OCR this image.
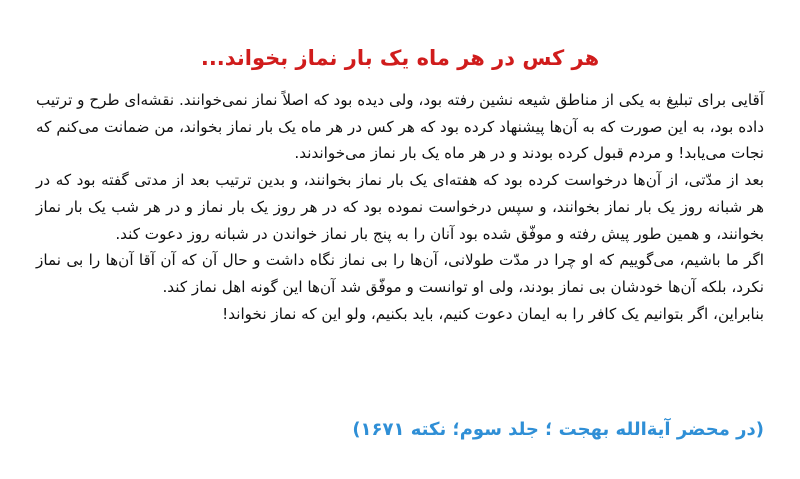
هر کس در هر ماه یک بار نماز بخواند...

آقایی برای تبلیغ به یکی از مناطق شیعه نشین رفته بود، ولی دیده بود که اصلاً نماز نمی‌خوانند. نقشه‌ای طرح و ترتیب داده بود، به این صورت که به آن‌ها پیشنهاد کرده بود که هر کس در هر ماه یک بار نماز بخواند، من ضمانت می‌کنم که نجات می‌یابد! و مردم قبول کرده بودند و در هر ماه یک بار نماز می‌خواندند.

بعد از مدّتی، از آن‌ها درخواست کرده بود که هفته‌ای یک بار نماز بخوانند، و بدین ترتیب بعد از مدتی گفته بود که در هر شبانه روز یک بار نماز بخوانند، و سپس درخواست نموده بود که در هر روز یک بار نماز و در هر شب یک بار نماز بخوانند، و همین طور پیش رفته و موفّق شده بود آنان را به پنج بار نماز خواندن در شبانه روز دعوت کند.

اگر ما باشیم، می‌گوییم که او چرا در مدّت طولانی، آن‌ها را بی نماز نگاه داشت و حال آن که آن آقا آن‌ها را بی نماز نکرد، بلکه آن‌ها خودشان بی نماز بودند، ولی او توانست و موفّق شد آن‌ها این گونه اهل نماز کند.

بنابراین، اگر بتوانیم یک کافر را به ایمان دعوت کنیم، باید بکنیم، ولو این که نماز نخواند!

(در محضر آیة‌الله بهجت ؛ جلد سوم؛ نکته ۱۶۷۱)
